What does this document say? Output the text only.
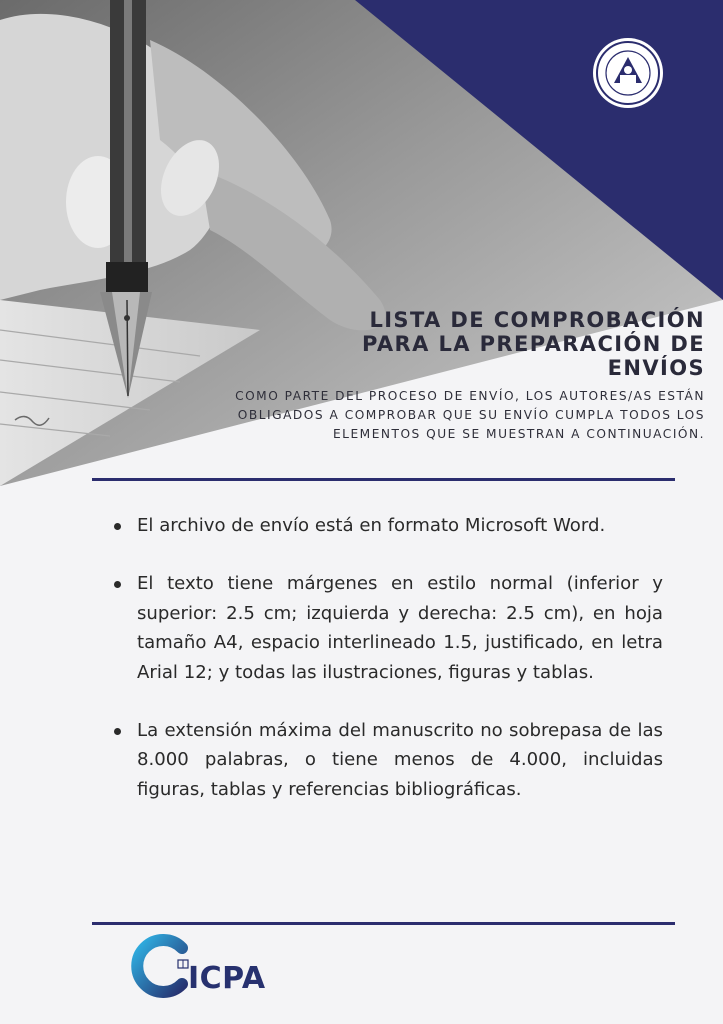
LISTA DE COMPROBACIÓN
PARA LA PREPARACIÓN DE
ENVÍOS
COMO PARTE DEL PROCESO DE ENVÍO, LOS AUTORES/AS ESTÁN
OBLIGADOS A COMPROBAR QUE SU ENVÍO CUMPLA TODOS LOS
ELEMENTOS QUE SE MUESTRAN A CONTINUACIÓN.
El archivo de envío está en formato Microsoft Word.
El texto tiene márgenes en estilo normal (inferior y superior: 2.5 cm; izquierda y derecha: 2.5 cm), en hoja tamaño A4, espacio interlineado 1.5, justificado, en letra Arial 12; y todas las ilustraciones, figuras y tablas.
La extensión máxima del manuscrito no sobrepasa de las 8.000 palabras, o tiene menos de 4.000, incluidas figuras, tablas y referencias bibliográficas.
ICPA
